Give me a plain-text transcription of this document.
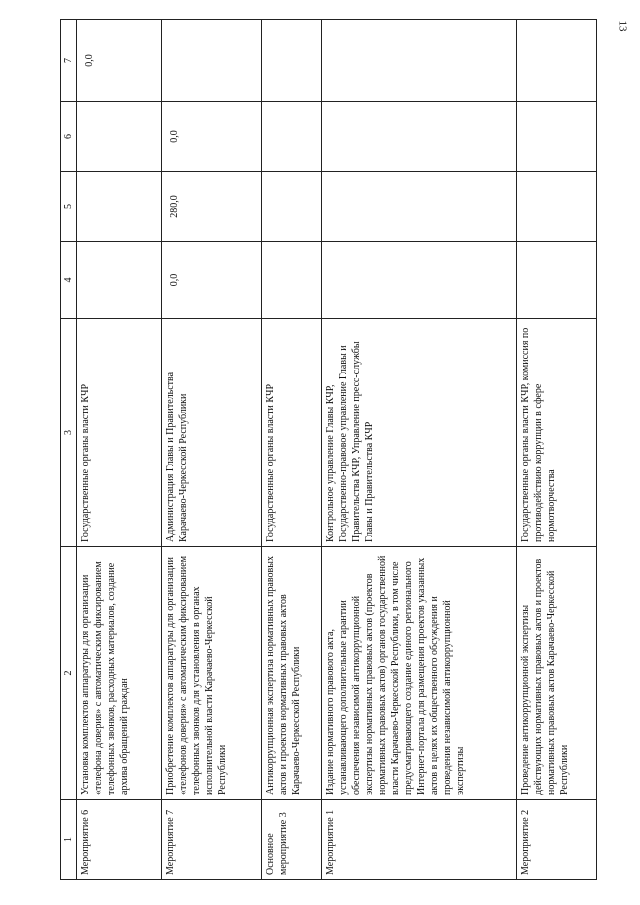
13
1	2	3	4	5	6	7
Мероприятие 6	Установка комплектов аппаратуры для организации «телефона доверия» с автоматическим фиксированием телефонных звонков, расходных материалов, создание архива обращений граждан	Государственные органы власти КЧР				0,0
Мероприятие 7	Приобретение комплектов аппаратуры для организации «телефонов доверия» с автоматическим фиксированием телефонных звонков для установления в органах исполнительной власти Карачаево-Черкесской Республики	Администрация Главы и Правительства Карачаево-Черкесской Республики	0,0	280,0	0,0	
Основное мероприятие 3	Антикоррупционная экспертиза нормативных правовых актов и проектов нормативных правовых актов Карачаево-Черкесской Республики	Государственные органы власти КЧР				
Мероприятие 1	Издание нормативного правового акта, устанавливающего дополнительные гарантии обеспечения независимой антикоррупционной экспертизы нормативных правовых актов (проектов нормативных правовых актов) органов государственной власти Карачаево-Черкесской Республики, в том числе предусматривающего создание единого регионального Интернет-портала для размещения проектов указанных актов в целях их общественного обсуждения и проведения независимой антикоррупционной экспертизы	Контрольное управление Главы КЧР, Государственно-правовое управление Главы и Правительства КЧР, Управление пресс-службы Главы и Правительства КЧР				
Мероприятие 2	Проведение антикоррупционной экспертизы действующих нормативных правовых актов и проектов нормативных правовых актов Карачаево-Черкесской Республики	Государственные органы власти КЧР, комиссия по противодействию коррупции в сфере нормотворчества				
